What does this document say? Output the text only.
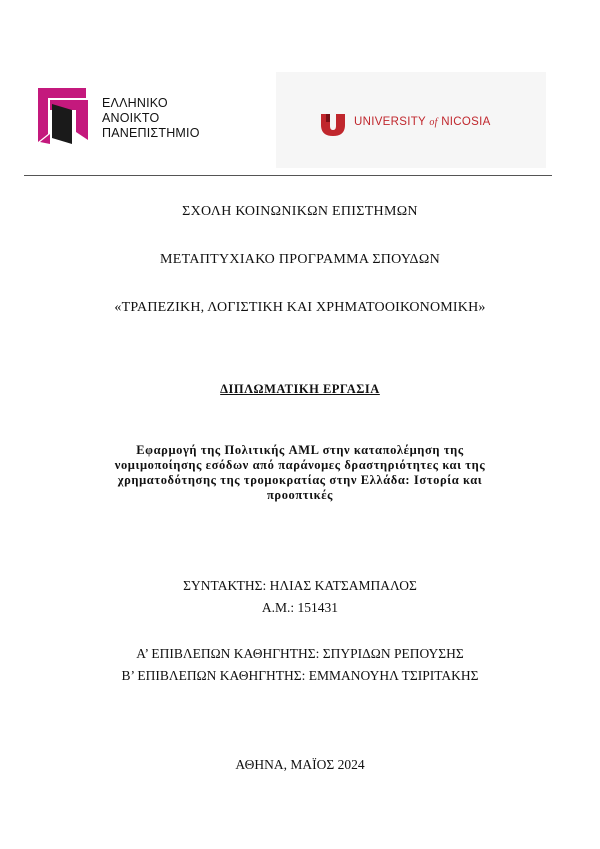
ΕΛΛΗΝΙΚΟ
ΑΝΟΙΚΤΟ
ΠΑΝΕΠΙΣΤΗΜΙΟ
UNIVERSITY of NICOSIA
ΣΧΟΛΗ ΚΟΙΝΩΝΙΚΩΝ ΕΠΙΣΤΗΜΩΝ
ΜΕΤΑΠΤΥΧΙΑΚΟ ΠΡΟΓΡΑΜΜΑ ΣΠΟΥΔΩΝ
«ΤΡΑΠΕΖΙΚΗ, ΛΟΓΙΣΤΙΚΗ ΚΑΙ ΧΡΗΜΑΤΟΟΙΚΟΝΟΜΙΚΗ»
ΔΙΠΛΩΜΑΤΙΚΗ ΕΡΓΑΣΙΑ
Εφαρμογή της Πολιτικής AML στην καταπολέμηση της
νομιμοποίησης εσόδων από παράνομες δραστηριότητες και της
χρηματοδότησης της τρομοκρατίας στην Ελλάδα: Ιστορία και
προοπτικές
ΣΥΝΤΑΚΤΗΣ: ΗΛΙΑΣ ΚΑΤΣΑΜΠΑΛΟΣ
Α.Μ.: 151431
Α’ ΕΠΙΒΛΕΠΩΝ ΚΑΘΗΓΗΤΗΣ: ΣΠΥΡΙΔΩΝ ΡΕΠΟΥΣΗΣ
Β’ ΕΠΙΒΛΕΠΩΝ ΚΑΘΗΓΗΤΗΣ: ΕΜΜΑΝΟΥΗΛ ΤΣΙΡΙΤΑΚΗΣ
ΑΘΗΝΑ, ΜΑΪΟΣ 2024
